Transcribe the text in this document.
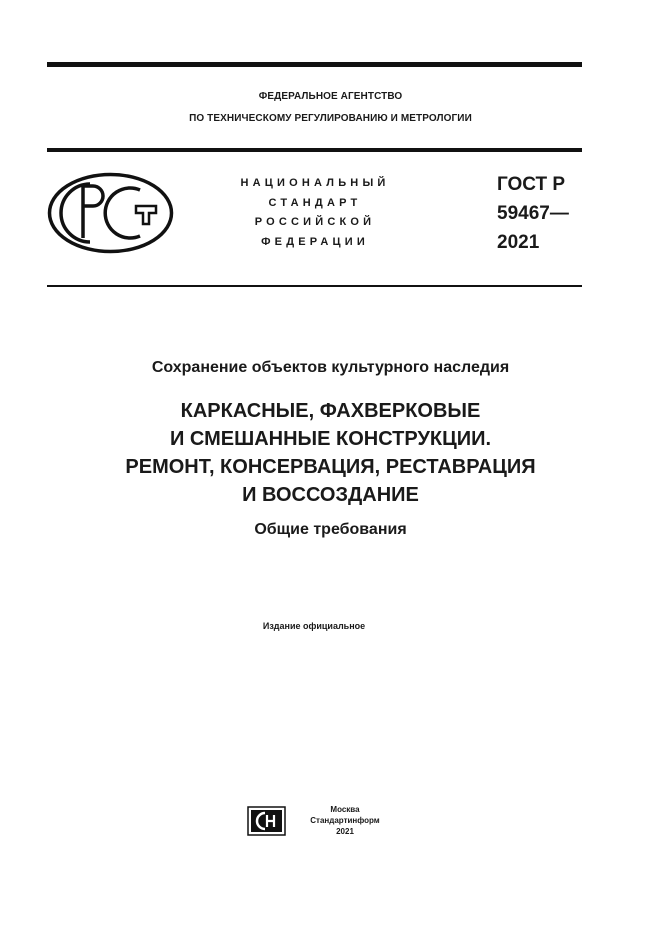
ФЕДЕРАЛЬНОЕ АГЕНТСТВО
ПО ТЕХНИЧЕСКОМУ РЕГУЛИРОВАНИЮ И МЕТРОЛОГИИ
НАЦИОНАЛЬНЫЙ
СТАНДАРТ
РОССИЙСКОЙ
ФЕДЕРАЦИИ
ГОСТ Р
59467—
2021
Сохранение объектов культурного наследия
КАРКАСНЫЕ, ФАХВЕРКОВЫЕ
И СМЕШАННЫЕ КОНСТРУКЦИИ.
РЕМОНТ, КОНСЕРВАЦИЯ, РЕСТАВРАЦИЯ
И ВОССОЗДАНИЕ
Общие требования
Издание официальное
Москва
Стандартинформ
2021
